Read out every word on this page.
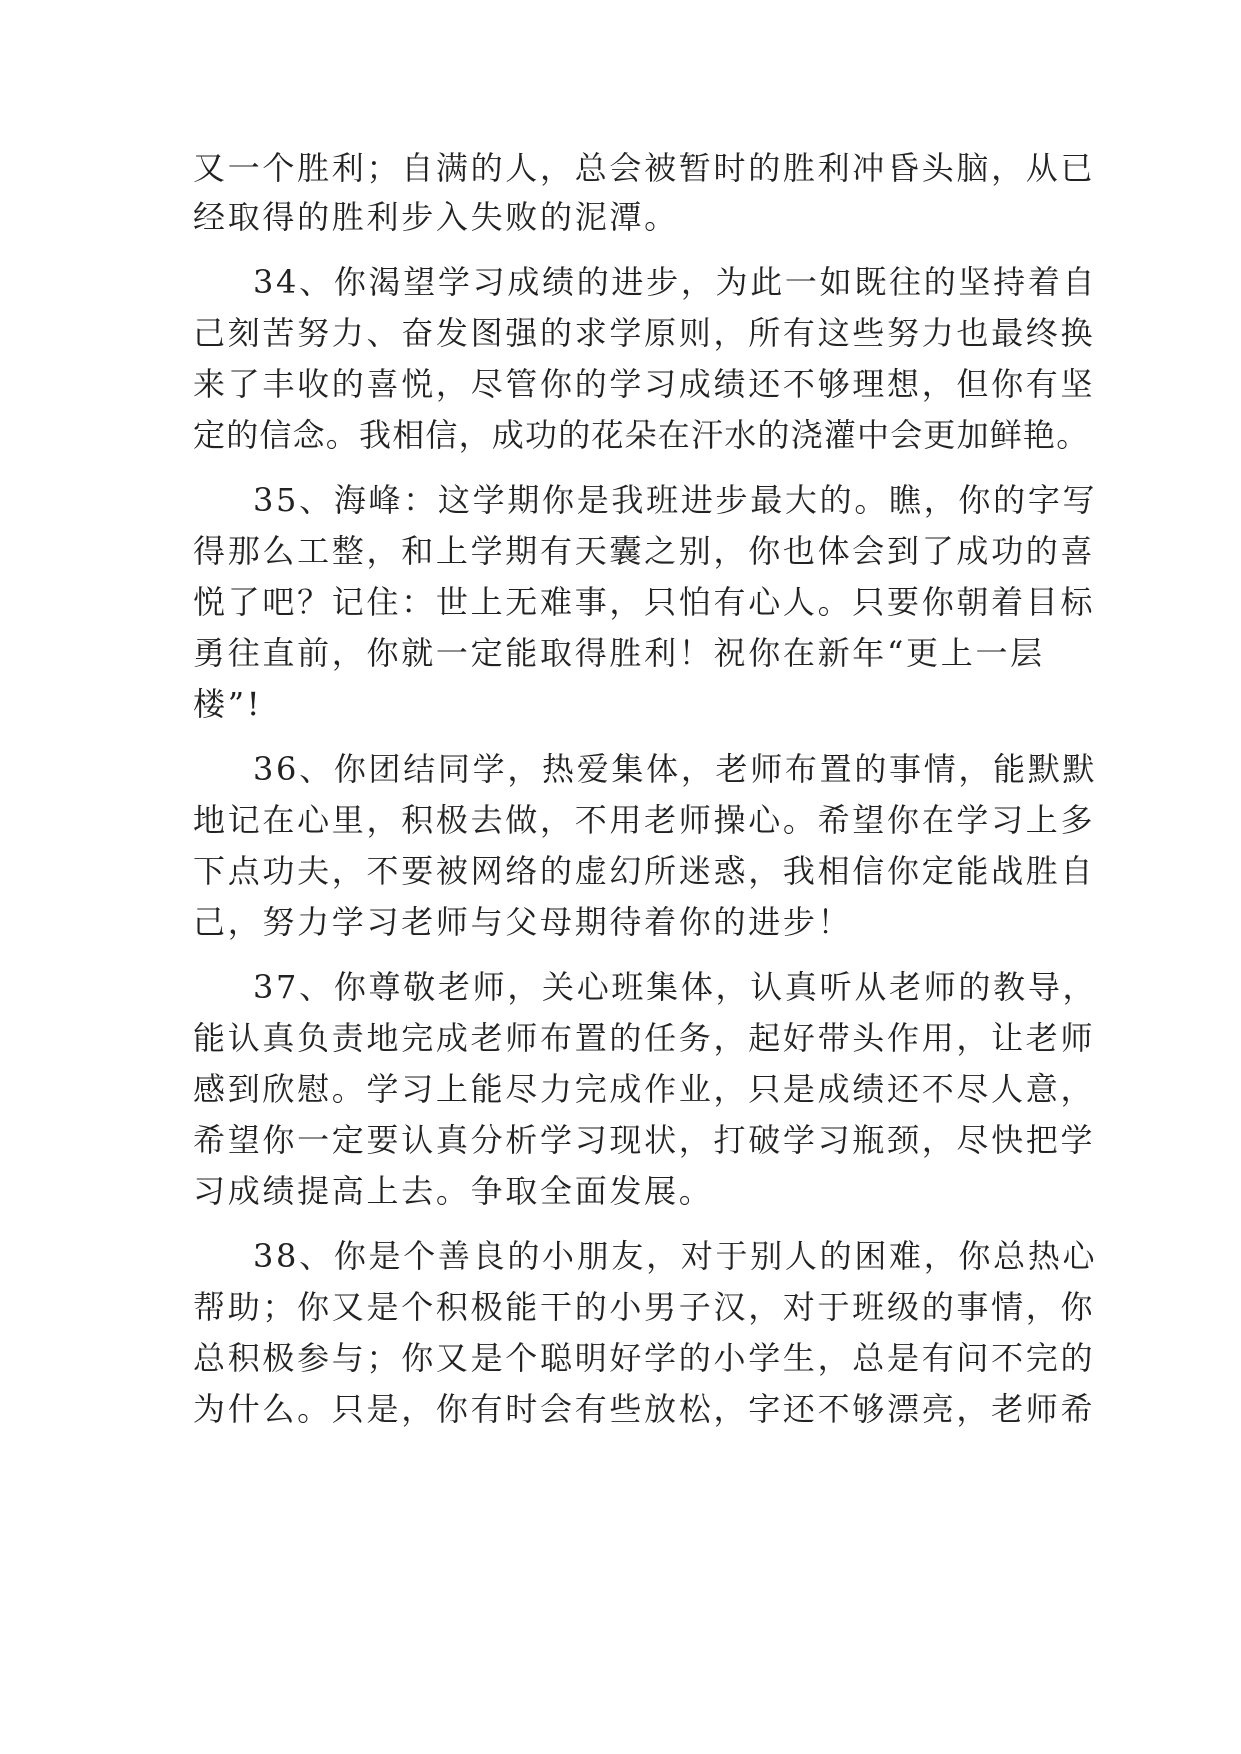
又一个胜利；自满的人，总会被暂时的胜利冲昏头脑，从已
经取得的胜利步入失败的泥潭。
34、你渴望学习成绩的进步，为此一如既往的坚持着自
己刻苦努力、奋发图强的求学原则，所有这些努力也最终换
来了丰收的喜悦，尽管你的学习成绩还不够理想，但你有坚
定的信念。我相信，成功的花朵在汗水的浇灌中会更加鲜艳。
35、海峰：这学期你是我班进步最大的。瞧，你的字写
得那么工整，和上学期有天囊之别，你也体会到了成功的喜
悦了吧？记住：世上无难事，只怕有心人。只要你朝着目标
勇往直前，你就一定能取得胜利！祝你在新年“更上一层
楼”!
36、你团结同学，热爱集体，老师布置的事情，能默默
地记在心里，积极去做，不用老师操心。希望你在学习上多
下点功夫，不要被网络的虚幻所迷惑，我相信你定能战胜自
己，努力学习老师与父母期待着你的进步！
37、你尊敬老师，关心班集体，认真听从老师的教导，
能认真负责地完成老师布置的任务，起好带头作用，让老师
感到欣慰。学习上能尽力完成作业，只是成绩还不尽人意，
希望你一定要认真分析学习现状，打破学习瓶颈，尽快把学
习成绩提高上去。争取全面发展。
38、你是个善良的小朋友，对于别人的困难，你总热心
帮助；你又是个积极能干的小男子汉，对于班级的事情，你
总积极参与；你又是个聪明好学的小学生，总是有问不完的
为什么。只是，你有时会有些放松，字还不够漂亮，老师希
